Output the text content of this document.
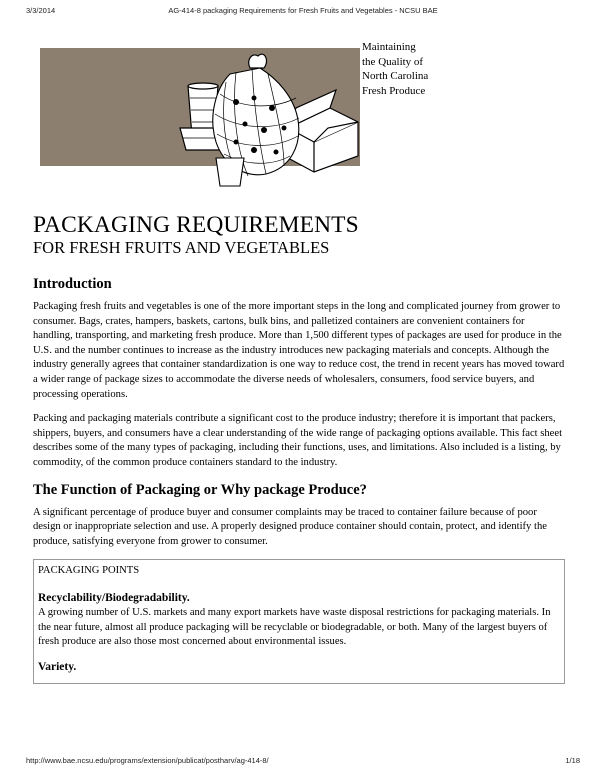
3/3/2014	AG-414-8 packaging Requirements for Fresh Fruits and Vegetables - NCSU BAE
Maintaining
the Quality of
North Carolina
Fresh Produce
PACKAGING REQUIREMENTS
FOR FRESH FRUITS AND VEGETABLES
Introduction

Packaging fresh fruits and vegetables is one of the more important steps in the long and complicated journey from grower to consumer. Bags, crates, hampers, baskets, cartons, bulk bins, and palletized containers are convenient containers for handling, transporting, and marketing fresh produce. More than 1,500 different types of packages are used for produce in the U.S. and the number continues to increase as the industry introduces new packaging materials and concepts. Although the industry generally agrees that container standardization is one way to reduce cost, the trend in recent years has moved toward a wider range of package sizes to accommodate the diverse needs of wholesalers, consumers, food service buyers, and processing operations.

Packing and packaging materials contribute a significant cost to the produce industry; therefore it is important that packers, shippers, buyers, and consumers have a clear understanding of the wide range of packaging options available. This fact sheet describes some of the many types of packaging, including their functions, uses, and limitations. Also included is a listing, by commodity, of the common produce containers standard to the industry.

The Function of Packaging or Why package Produce?

A significant percentage of produce buyer and consumer complaints may be traced to container failure because of poor design or inappropriate selection and use. A properly designed produce container should contain, protect, and identify the produce, satisfying everyone from grower to consumer.

PACKAGING POINTS
Recyclability/Biodegradability.

A growing number of U.S. markets and many export markets have waste disposal restrictions for packaging materials. In the near future, almost all produce packaging will be recyclable or biodegradable, or both. Many of the largest buyers of fresh produce are also those most concerned about environmental issues.

Variety.
http://www.bae.ncsu.edu/programs/extension/publicat/postharv/ag-414-8/	1/18
